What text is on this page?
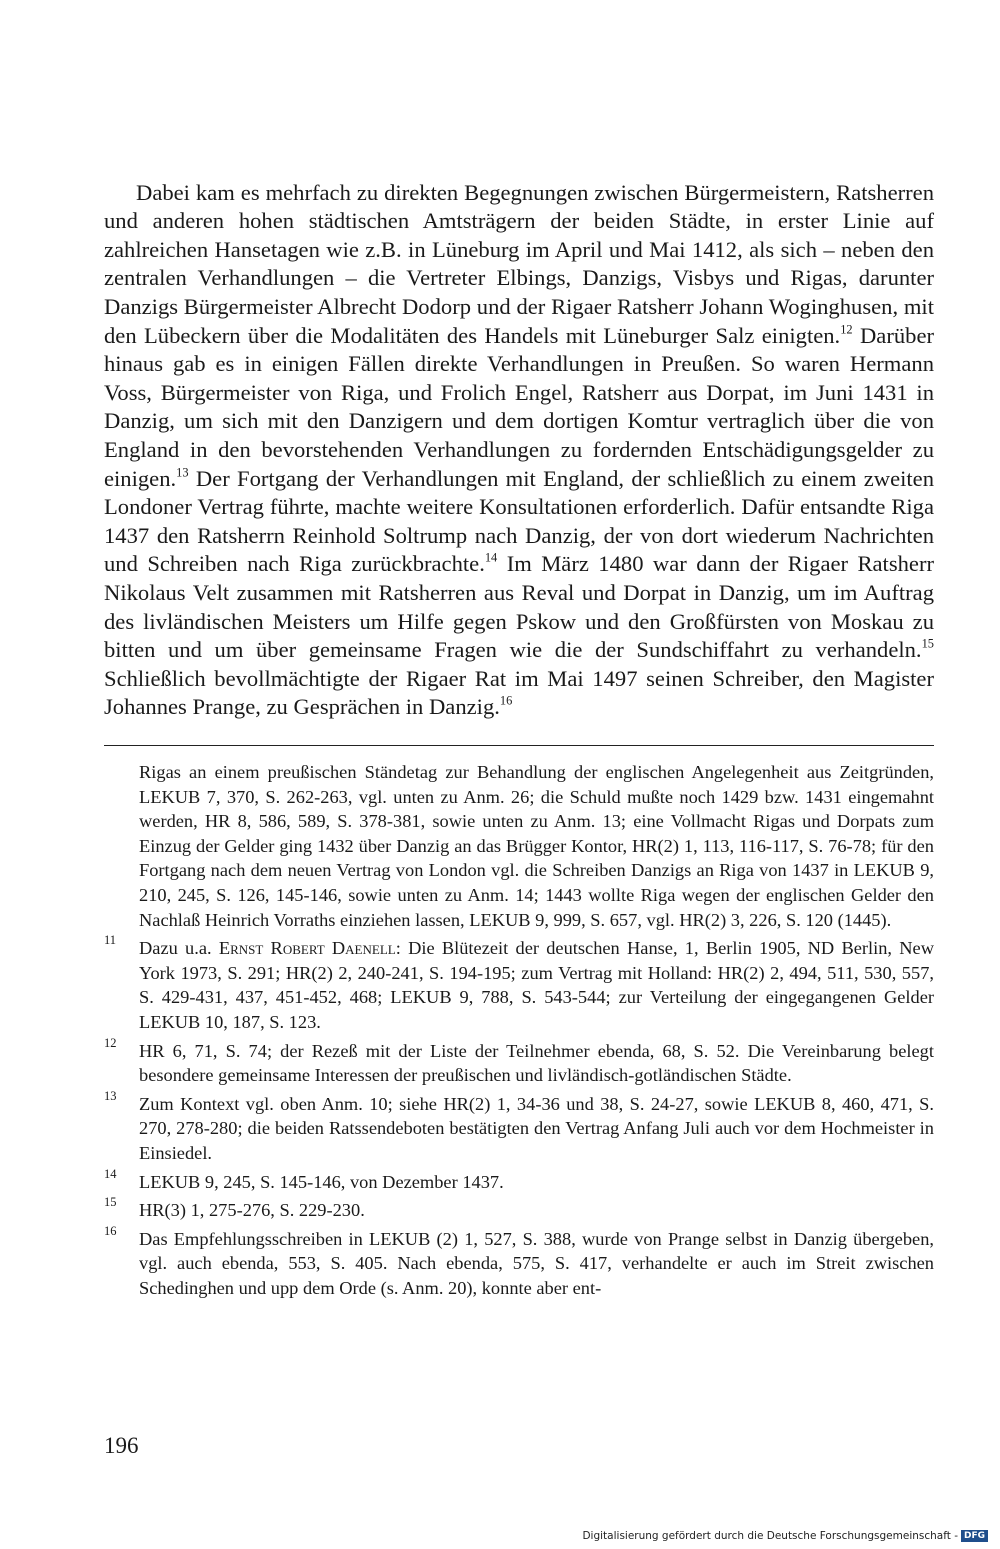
Dabei kam es mehrfach zu direkten Begegnungen zwischen Bürgermeistern, Ratsherren und anderen hohen städtischen Amtsträgern der beiden Städte, in erster Linie auf zahlreichen Hansetagen wie z.B. in Lüneburg im April und Mai 1412, als sich – neben den zentralen Verhandlungen – die Vertreter Elbings, Danzigs, Visbys und Rigas, darunter Danzigs Bürgermeister Albrecht Dodorp und der Rigaer Ratsherr Johann Woginghusen, mit den Lübeckern über die Modalitäten des Handels mit Lüneburger Salz einigten.$^{12}$ Darüber hinaus gab es in einigen Fällen direkte Verhandlungen in Preußen. So waren Hermann Voss, Bürgermeister von Riga, und Frolich Engel, Ratsherr aus Dorpat, im Juni 1431 in Danzig, um sich mit den Danzigern und dem dortigen Komtur vertraglich über die von England in den bevorstehenden Verhandlungen zu fordernden Entschädigungsgelder zu einigen.$^{13}$ Der Fortgang der Verhandlungen mit England, der schließlich zu einem zweiten Londoner Vertrag führte, machte weitere Konsultationen erforderlich. Dafür entsandte Riga 1437 den Ratsherrn Reinhold Soltrump nach Danzig, der von dort wiederum Nachrichten und Schreiben nach Riga zurückbrachte.$^{14}$ Im März 1480 war dann der Rigaer Ratsherr Nikolaus Velt zusammen mit Ratsherren aus Reval und Dorpat in Danzig, um im Auftrag des livländischen Meisters um Hilfe gegen Pskow und den Großfürsten von Moskau zu bitten und um über gemeinsame Fragen wie die der Sundschiffahrt zu verhandeln.$^{15}$ Schließlich bevollmächtigte der Rigaer Rat im Mai 1497 seinen Schreiber, den Magister Johannes Prange, zu Gesprächen in Danzig.$^{16}$

Rigas an einem preußischen Ständetag zur Behandlung der englischen Angelegenheit aus Zeitgründen, LEKUB 7, 370, S. 262-263, vgl. unten zu Anm. 26; die Schuld mußte noch 1429 bzw. 1431 eingemahnt werden, HR 8, 586, 589, S. 378-381, sowie unten zu Anm. 13; eine Vollmacht Rigas und Dorpats zum Einzug der Gelder ging 1432 über Danzig an das Brügger Kontor, HR(2) 1, 113, 116-117, S. 76-78; für den Fortgang nach dem neuen Vertrag von London vgl. die Schreiben Danzigs an Riga von 1437 in LEKUB 9, 210, 245, S. 126, 145-146, sowie unten zu Anm. 14; 1443 wollte Riga wegen der englischen Gelder den Nachlaß Heinrich Vorraths einziehen lassen, LEKUB 9, 999, S. 657, vgl. HR(2) 3, 226, S. 120 (1445).
11 Dazu u.a. Ernst Robert Daenell: Die Blütezeit der deutschen Hanse, 1, Berlin 1905, ND Berlin, New York 1973, S. 291; HR(2) 2, 240-241, S. 194-195; zum Vertrag mit Holland: HR(2) 2, 494, 511, 530, 557, S. 429-431, 437, 451-452, 468; LEKUB 9, 788, S. 543-544; zur Verteilung der eingegangenen Gelder LEKUB 10, 187, S. 123.
12 HR 6, 71, S. 74; der Rezeß mit der Liste der Teilnehmer ebenda, 68, S. 52. Die Vereinbarung belegt besondere gemeinsame Interessen der preußischen und livländisch-gotländischen Städte.
13 Zum Kontext vgl. oben Anm. 10; siehe HR(2) 1, 34-36 und 38, S. 24-27, sowie LEKUB 8, 460, 471, S. 270, 278-280; die beiden Ratssendeboten bestätigten den Vertrag Anfang Juli auch vor dem Hochmeister in Einsiedel.
14 LEKUB 9, 245, S. 145-146, von Dezember 1437.
15 HR(3) 1, 275-276, S. 229-230.
16 Das Empfehlungsschreiben in LEKUB (2) 1, 527, S. 388, wurde von Prange selbst in Danzig übergeben, vgl. auch ebenda, 553, S. 405. Nach ebenda, 575, S. 417, verhandelte er auch im Streit zwischen Schedinghen und upp dem Orde (s. Anm. 20), konnte aber ent-
196
Digitalisierung gefördert durch die Deutsche Forschungsgemeinschaft - DFG
